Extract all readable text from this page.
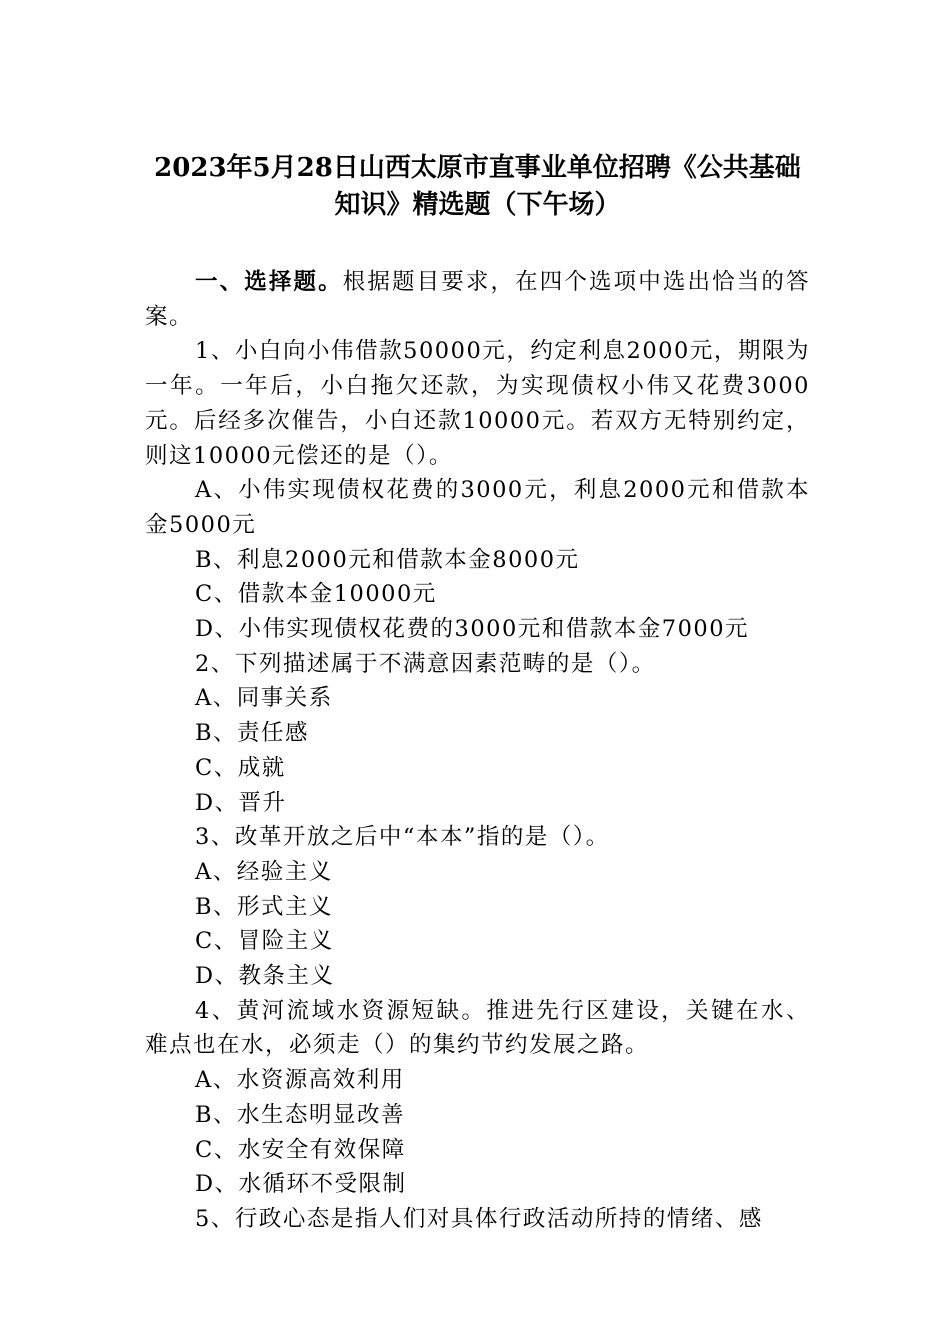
2023年5月28日山西太原市直事业单位招聘《公共基础知识》精选题（下午场）

一、选择题。根据题目要求，在四个选项中选出恰当的答案。

1、小白向小伟借款50000元，约定利息2000元，期限为一年。一年后，小白拖欠还款，为实现债权小伟又花费3000元。后经多次催告，小白还款10000元。若双方无特别约定，则这10000元偿还的是（）。

A、小伟实现债权花费的3000元，利息2000元和借款本金5000元

B、利息2000元和借款本金8000元

C、借款本金10000元

D、小伟实现债权花费的3000元和借款本金7000元

2、下列描述属于不满意因素范畴的是（）。

A、同事关系

B、责任感

C、成就

D、晋升

3、改革开放之后中“本本”指的是（）。

A、经验主义

B、形式主义

C、冒险主义

D、教条主义

4、黄河流域水资源短缺。推进先行区建设，关键在水、难点也在水，必须走（）的集约节约发展之路。

A、水资源高效利用

B、水生态明显改善

C、水安全有效保障

D、水循环不受限制

5、行政心态是指人们对具体行政活动所持的情绪、感
